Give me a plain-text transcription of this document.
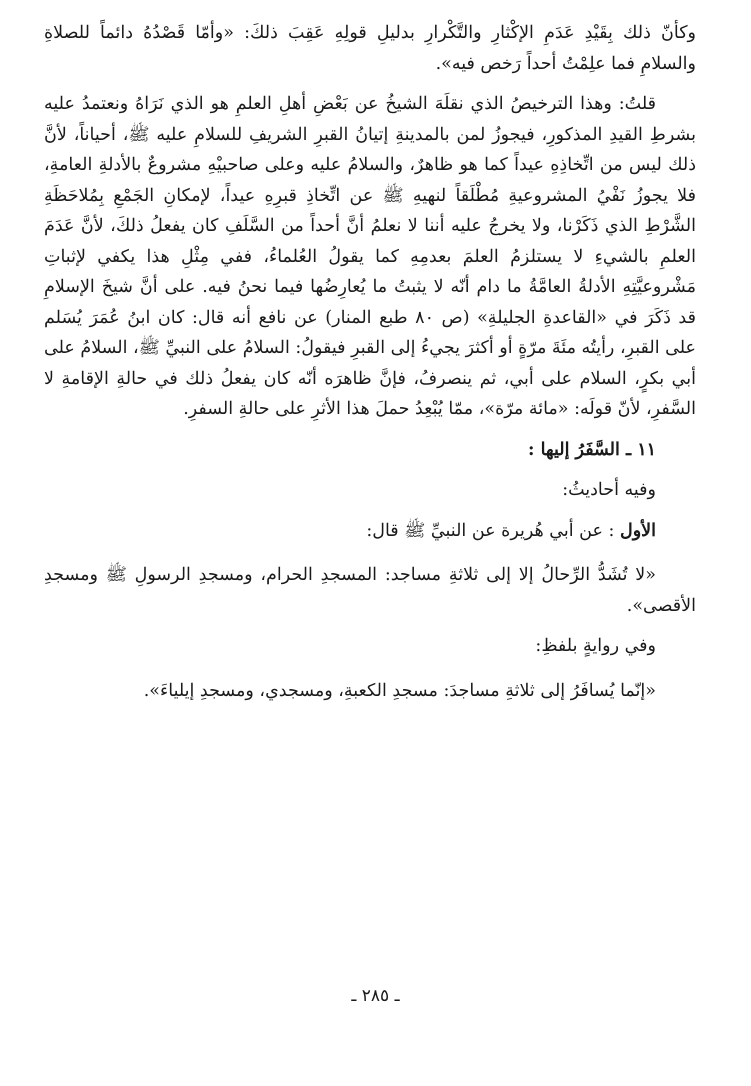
وكأنّ ذلك بِقَيْدِ عَدَمِ الإكْثارِ والتَّكْرارِ بدليلِ قولِهِ عَقِبَ ذلكَ: «وأمّا قَصْدُهُ دائماً للصلاةِ والسلامِ فما علِمْتُ أحداً رَخص فيه».

قلتُ: وهذا الترخيصُ الذي نقلَهَ الشيخُ عن بَعْضِ أهلِ العلمِ هو الذي نَرَاهُ ونعتمدُ عليه بشرطِ القيدِ المذكورِ، فيجوزُ لمن بالمدينةِ إتيانُ القبرِ الشريفِ للسلامِ عليه ﷺ، أحياناً، لأنَّ ذلك ليس من اتِّخاذِهِ عيداً كما هو ظاهرٌ، والسلامُ عليه وعلى صاحبيْهِ مشروعٌ بالأدلةِ العامةِ، فلا يجوزُ نَفْيُ المشروعيةِ مُطْلَقاً لنهيهِ ﷺ عن اتِّخاذِ قبرِهِ عيداً، لإمكانِ الجَمْعِ بِمُلاحَظَةِ الشَّرْطِ الذي ذَكَرْنا، ولا يخرجُ عليه أننا لا نعلمُ أنَّ أحداً من السَّلَفِ كان يفعلُ ذلكَ، لأنَّ عَدَمَ العلمِ بالشيءِ لا يستلزمُ العلمَ بعدمِهِ كما يقولُ العُلماءُ، ففي مِثْلِ هذا يكفي لإثباتِ مَشْروعيَّتِهِ الأدلةُ العامَّةُ ما دام أنّه لا يثبتُ ما يُعارِضُها فيما نحنُ فيه. على أنَّ شيخَ الإسلامِ قد ذَكَرَ في «القاعدةِ الجليلةِ» (ص ٨٠ طبع المنار) عن نافع أنه قال: كان ابنُ عُمَرَ يُسَلم على القبرِ، رأيتُه مئَةَ مرّةٍ أو أكثرَ يجيءُ إلى القبرِ فيقولُ: السلامُ على النبيِّ ﷺ، السلامُ على أبي بكرٍ، السلام على أبي، ثم ينصرفُ، فإنَّ ظاهرَه أنّه كان يفعلُ ذلك في حالةِ الإقامةِ لا السَّفرِ، لأنّ قولَه: «مائة مرّة»، ممّا يُبْعِدُ حملَ هذا الأثرِ على حالةِ السفرِ.

١١ ـ السَّفَرُ إليها :

وفيه أحاديثُ:

الأول : عن أبي هُريرة عن النبيِّ ﷺ قال:

«لا تُشَدُّ الرِّحالُ إلا إلى ثلاثةِ مساجد: المسجدِ الحرام، ومسجدِ الرسولِ ﷺ ومسجدِ الأقصى».

وفي روايةٍ بلفظِ:

«إنّما يُسافَرُ إلى ثلاثةِ مساجدَ: مسجدِ الكعبةِ، ومسجدي، ومسجدِ إيلياءَ».

ـ ٢٨٥ ـ
